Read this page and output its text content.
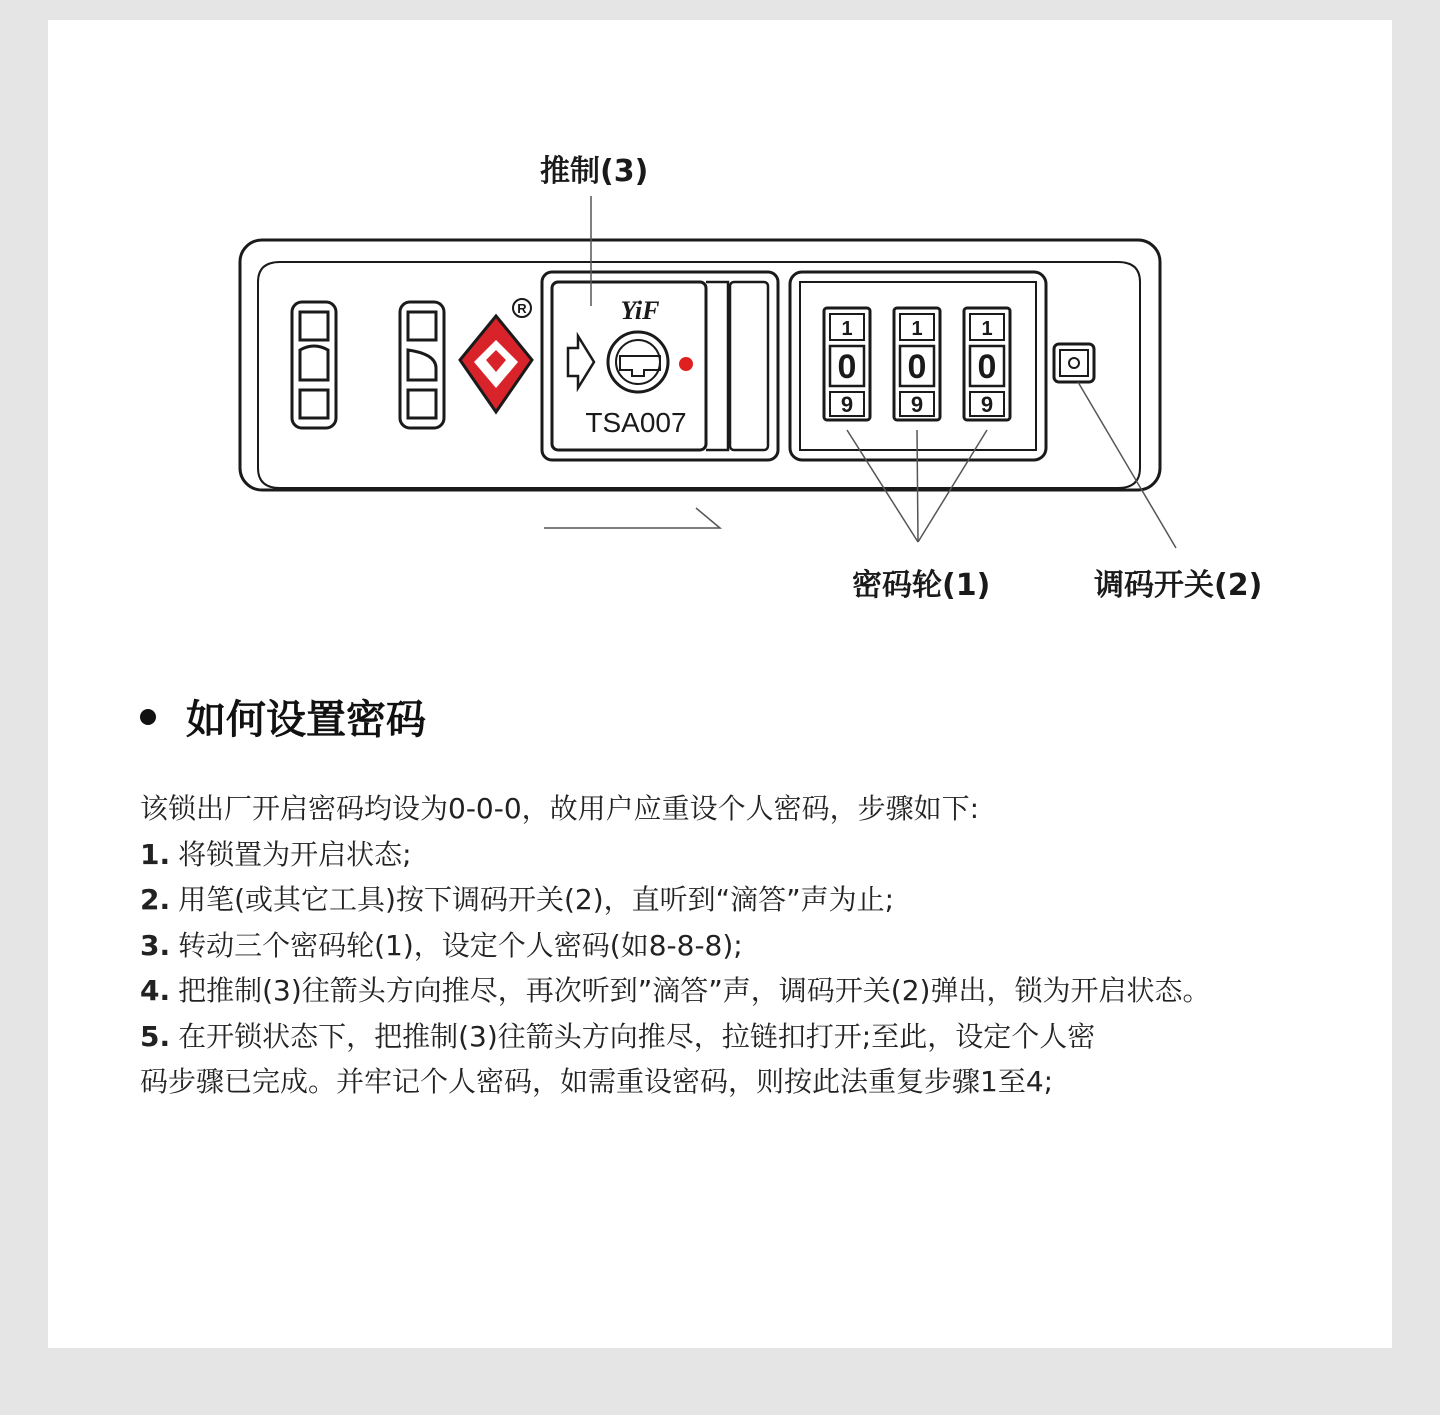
R	YiF
TSA007
1
0
9
1
0
9
1
0
9
推制(3)
密码轮(1)	调码开关(2)
如何设置密码

该锁出厂开启密码均设为0-0-0，故用户应重设个人密码，步骤如下:

1. 将锁置为开启状态;

2. 用笔(或其它工具)按下调码开关(2)，直听到“滴答”声为止;

3. 转动三个密码轮(1)，设定个人密码(如8-8-8);

4. 把推制(3)往箭头方向推尽，再次听到”滴答”声，调码开关(2)弹出，锁为开启状态。

5. 在开锁状态下，把推制(3)往箭头方向推尽，拉链扣打开;至此，设定个人密

码步骤已完成。并牢记个人密码，如需重设密码，则按此法重复步骤1至4;
